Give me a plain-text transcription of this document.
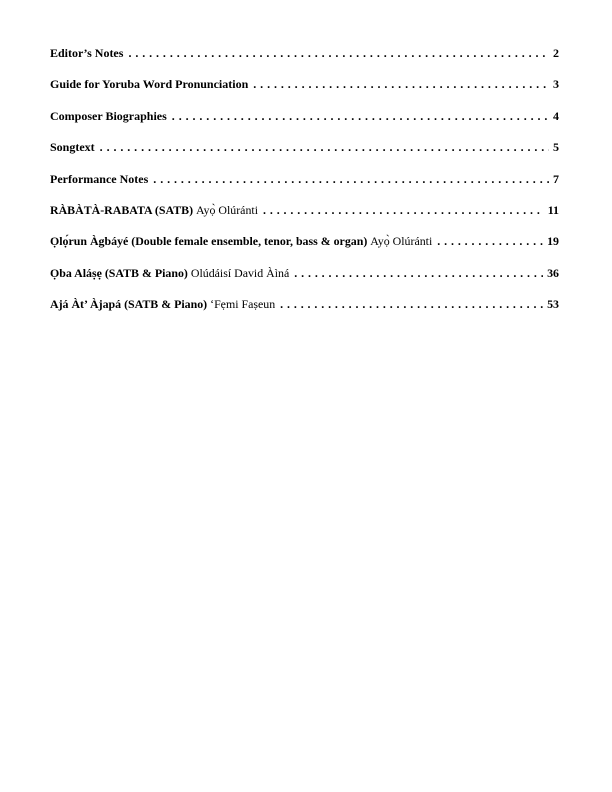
Editor’s Notes . . .	2
Guide for Yoruba Word Pronunciation . . .	3
Composer Biographies . . .	4
Songtext . . .	5
Performance Notes . . .	7
RÀBÀTÀ-RABATA (SATB) Ayọ̀ Olúránti . . .	11
Ọlọ́run Àgbáyé (Double female ensemble, tenor, bass & organ) Ayọ̀ Olúránti . . .	19
Ọba Aláṣẹ (SATB & Piano) Olúdáisí David Àìná . . .	36
Ajá Àt’ Àjapá (SATB & Piano) ‘Fẹmi Faṣeun . . .	53
